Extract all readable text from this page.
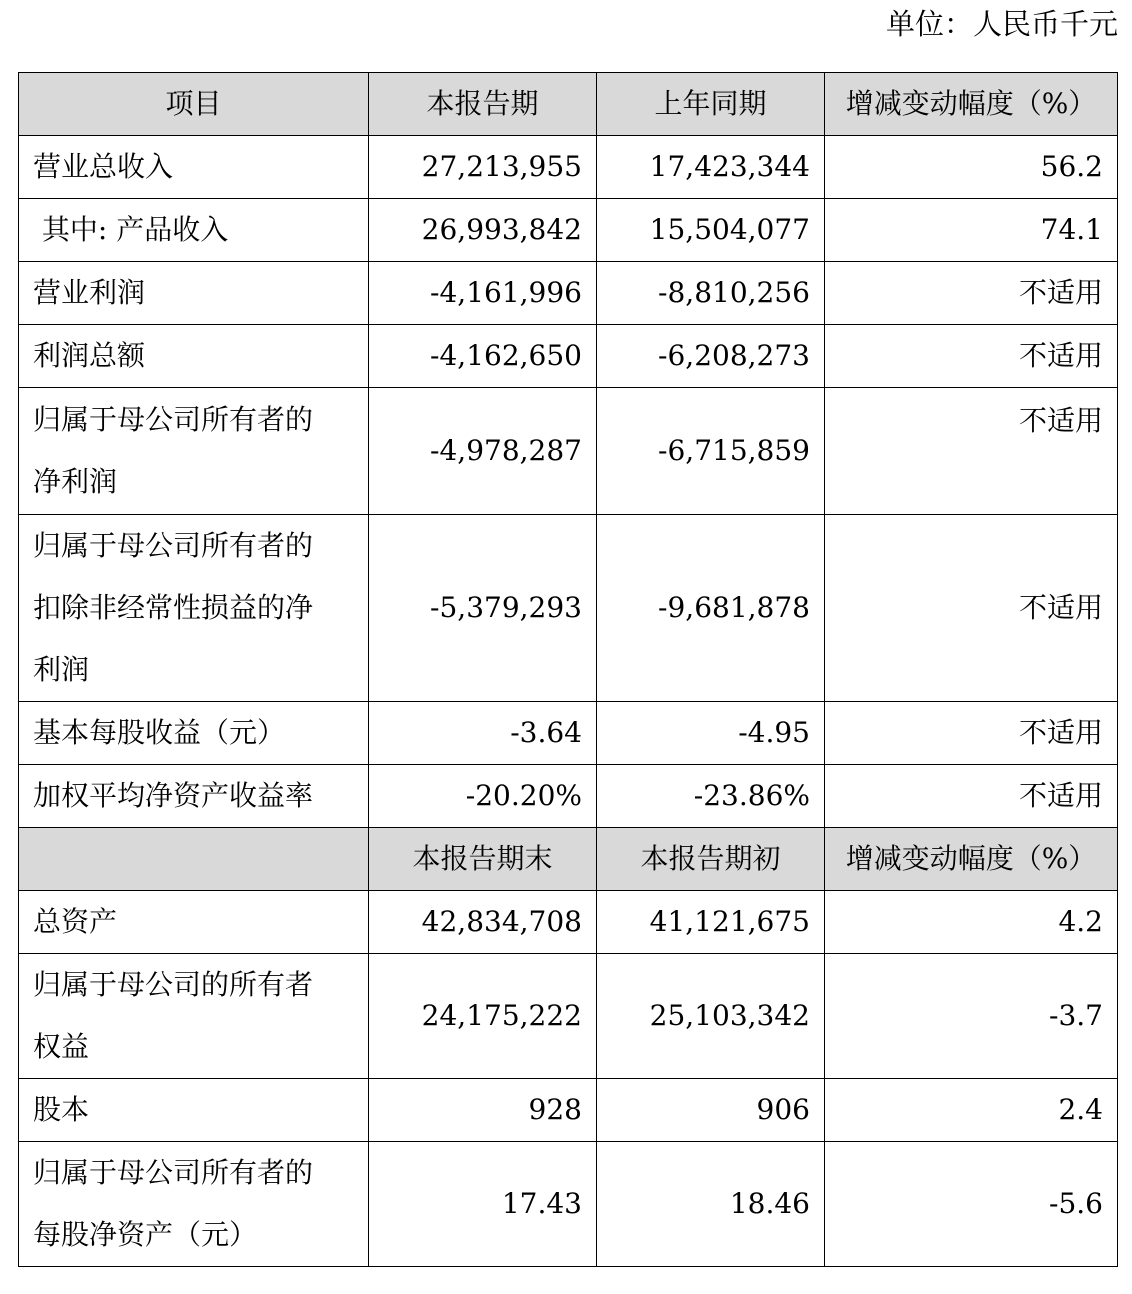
单位：人民币千元
项目	本报告期	上年同期	增减变动幅度（%）

营业总收入	27,213,955	17,423,344	56.2

其中: 产品收入	26,993,842	15,504,077	74.1

营业利润	-4,161,996	-8,810,256	不适用

利润总额	-4,162,650	-6,208,273	不适用

归属于母公司所有者的
净利润	-4,978,287	-6,715,859	不适用

归属于母公司所有者的
扣除非经常性损益的净
利润	-5,379,293	-9,681,878	不适用

基本每股收益（元）	-3.64	-4.95	不适用

加权平均净资产收益率	-20.20%	-23.86%	不适用
	本报告期末	本报告期初	增减变动幅度（%）

总资产	42,834,708	41,121,675	4.2

归属于母公司的所有者
权益	24,175,222	25,103,342	-3.7

股本	928	906	2.4

归属于母公司所有者的
每股净资产（元）	17.43	18.46	-5.6
